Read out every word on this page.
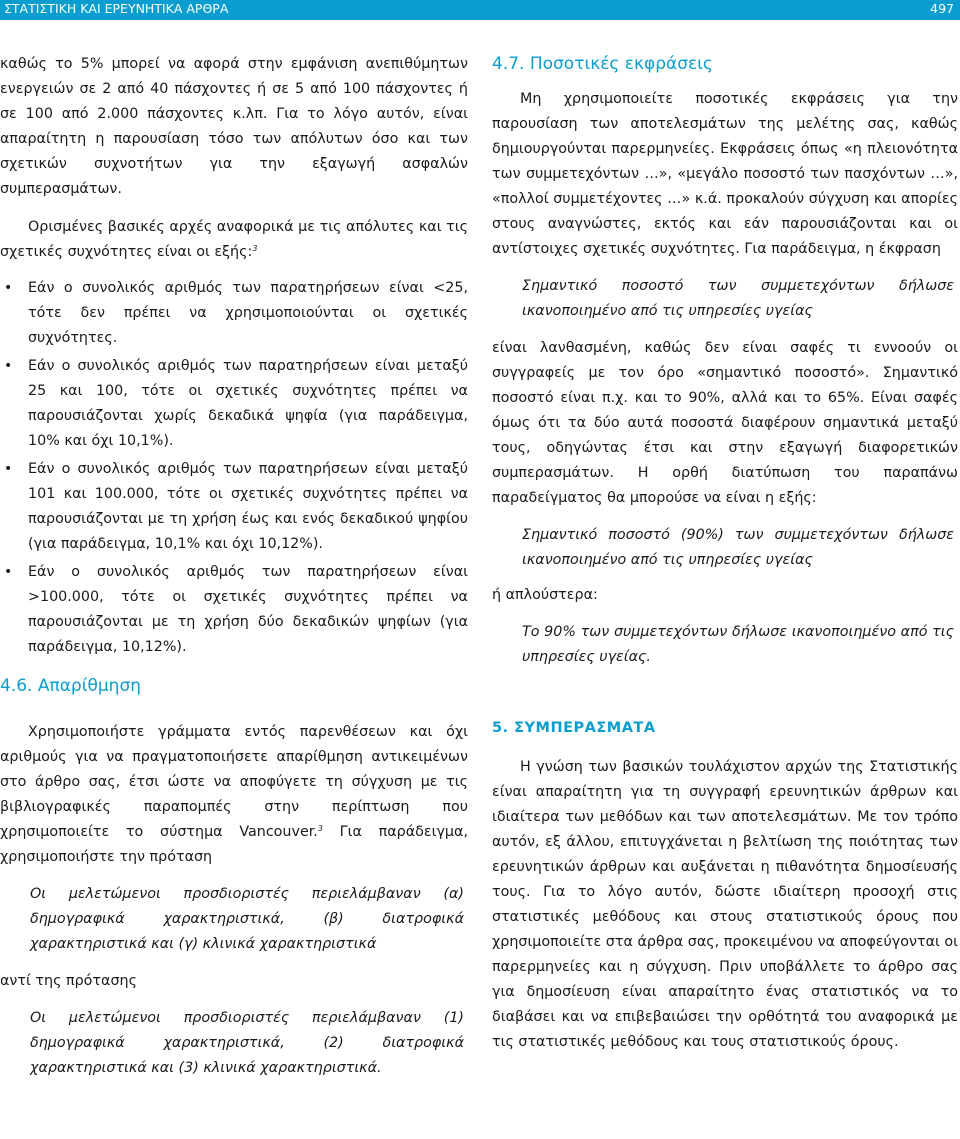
ΣΤΑΤΙΣΤΙΚΗ ΚΑΙ ΕΡΕΥΝΗΤΙΚΑ ΑΡΘΡΑ	497

καθώς το 5% μπορεί να αφορά στην εμφάνιση ανεπιθύμητων ενεργειών σε 2 από 40 πάσχοντες ή σε 5 από 100 πάσχοντες ή σε 100 από 2.000 πάσχοντες κ.λπ. Για το λόγο αυτόν, είναι απαραίτητη η παρουσίαση τόσο των απόλυτων όσο και των σχετικών συχνοτήτων για την εξαγωγή ασφαλών συμπερασμάτων.

Ορισμένες βασικές αρχές αναφορικά με τις απόλυτες και τις σχετικές συχνότητες είναι οι εξής:$^3$

• Εάν ο συνολικός αριθμός των παρατηρήσεων είναι <25, τότε δεν πρέπει να χρησιμοποιούνται οι σχετικές συχνότητες.
• Εάν ο συνολικός αριθμός των παρατηρήσεων είναι μεταξύ 25 και 100, τότε οι σχετικές συχνότητες πρέπει να παρουσιάζονται χωρίς δεκαδικά ψηφία (για παράδειγμα, 10% και όχι 10,1%).
• Εάν ο συνολικός αριθμός των παρατηρήσεων είναι μεταξύ 101 και 100.000, τότε οι σχετικές συχνότητες πρέπει να παρουσιάζονται με τη χρήση έως και ενός δεκαδικού ψηφίου (για παράδειγμα, 10,1% και όχι 10,12%).
• Εάν ο συνολικός αριθμός των παρατηρήσεων είναι >100.000, τότε οι σχετικές συχνότητες πρέπει να παρουσιάζονται με τη χρήση δύο δεκαδικών ψηφίων (για παράδειγμα, 10,12%).
4.6. Απαρίθμηση

Χρησιμοποιήστε γράμματα εντός παρενθέσεων και όχι αριθμούς για να πραγματοποιήσετε απαρίθμηση αντικειμένων στο άρθρο σας, έτσι ώστε να αποφύγετε τη σύγχυση με τις βιβλιογραφικές παραπομπές στην περίπτωση που χρησιμοποιείτε το σύστημα Vancouver.$^3$ Για παράδειγμα, χρησιμοποιήστε την πρόταση

Οι μελετώμενοι προσδιοριστές περιελάμβαναν (α) δημογραφικά χαρακτηριστικά, (β) διατροφικά χαρακτηριστικά και (γ) κλινικά χαρακτηριστικά

αντί της πρότασης

Οι μελετώμενοι προσδιοριστές περιελάμβαναν (1) δημογραφικά χαρακτηριστικά, (2) διατροφικά χαρακτηριστικά και (3) κλινικά χαρακτηριστικά.

4.7. Ποσοτικές εκφράσεις

Μη χρησιμοποιείτε ποσοτικές εκφράσεις για την παρουσίαση των αποτελεσμάτων της μελέτης σας, καθώς δημιουργούνται παρερμηνείες. Εκφράσεις όπως «η πλειονότητα των συμμετεχόντων …», «μεγάλο ποσοστό των πασχόντων …», «πολλοί συμμετέχοντες …» κ.ά. προκαλούν σύγχυση και απορίες στους αναγνώστες, εκτός και εάν παρουσιάζονται και οι αντίστοιχες σχετικές συχνότητες. Για παράδειγμα, η έκφραση

Σημαντικό ποσοστό των συμμετεχόντων δήλωσε ικανοποιημένο από τις υπηρεσίες υγείας

είναι λανθασμένη, καθώς δεν είναι σαφές τι εννοούν οι συγγραφείς με τον όρο «σημαντικό ποσοστό». Σημαντικό ποσοστό είναι π.χ. και το 90%, αλλά και το 65%. Είναι σαφές όμως ότι τα δύο αυτά ποσοστά διαφέρουν σημαντικά μεταξύ τους, οδηγώντας έτσι και στην εξαγωγή διαφορετικών συμπερασμάτων. Η ορθή διατύπωση του παραπάνω παραδείγματος θα μπορούσε να είναι η εξής:

Σημαντικό ποσοστό (90%) των συμμετεχόντων δήλωσε ικανοποιημένο από τις υπηρεσίες υγείας

ή απλούστερα:

Το 90% των συμμετεχόντων δήλωσε ικανοποιημένο από τις υπηρεσίες υγείας.

5. ΣΥΜΠΕΡΑΣΜΑΤΑ

Η γνώση των βασικών τουλάχιστον αρχών της Στατιστικής είναι απαραίτητη για τη συγγραφή ερευνητικών άρθρων και ιδιαίτερα των μεθόδων και των αποτελεσμάτων. Με τον τρόπο αυτόν, εξ άλλου, επιτυγχάνεται η βελτίωση της ποιότητας των ερευνητικών άρθρων και αυξάνεται η πιθανότητα δημοσίευσής τους. Για το λόγο αυτόν, δώστε ιδιαίτερη προσοχή στις στατιστικές μεθόδους και στους στατιστικούς όρους που χρησιμοποιείτε στα άρθρα σας, προκειμένου να αποφεύγονται οι παρερμηνείες και η σύγχυση. Πριν υποβάλλετε το άρθρο σας για δημοσίευση είναι απαραίτητο ένας στατιστικός να το διαβάσει και να επιβεβαιώσει την ορθότητά του αναφορικά με τις στατιστικές μεθόδους και τους στατιστικούς όρους.
